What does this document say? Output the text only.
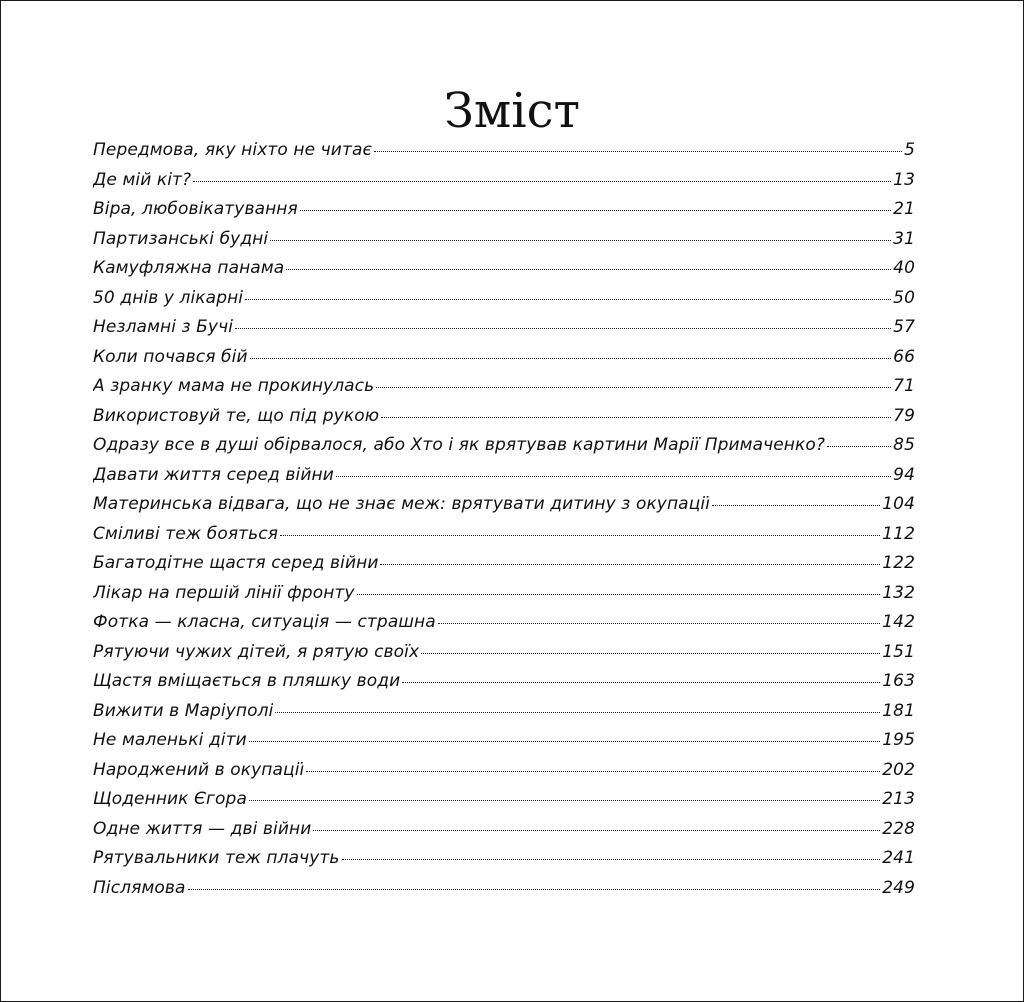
Зміст
Передмова, яку ніхто не читає	5
Де мій кіт?	13
Віра, любовікатування	21
Партизанські будні	31
Камуфляжна панама	40
50 днів у лікарні	50
Незламні з Бучі	57
Коли почався бій	66
А зранку мама не прокинулась	71
Використовуй те, що під рукою	79
Одразу все в душі обірвалося, або Хто і як врятував картини Марії Примаченко?	85
Давати життя серед війни	94
Материнська відвага, що не знає меж: врятувати дитину з окупації	104
Сміливі теж бояться	112
Багатодітне щастя серед війни	122
Лікар на першій лінії фронту	132
Фотка — класна, ситуація — страшна	142
Рятуючи чужих дітей, я рятую своїх	151
Щастя вміщається в пляшку води	163
Вижити в Маріуполі	181
Не маленькі діти	195
Народжений в окупації	202
Щоденник Єгора	213
Одне життя — дві війни	228
Рятувальники теж плачуть	241
Післямова	249
